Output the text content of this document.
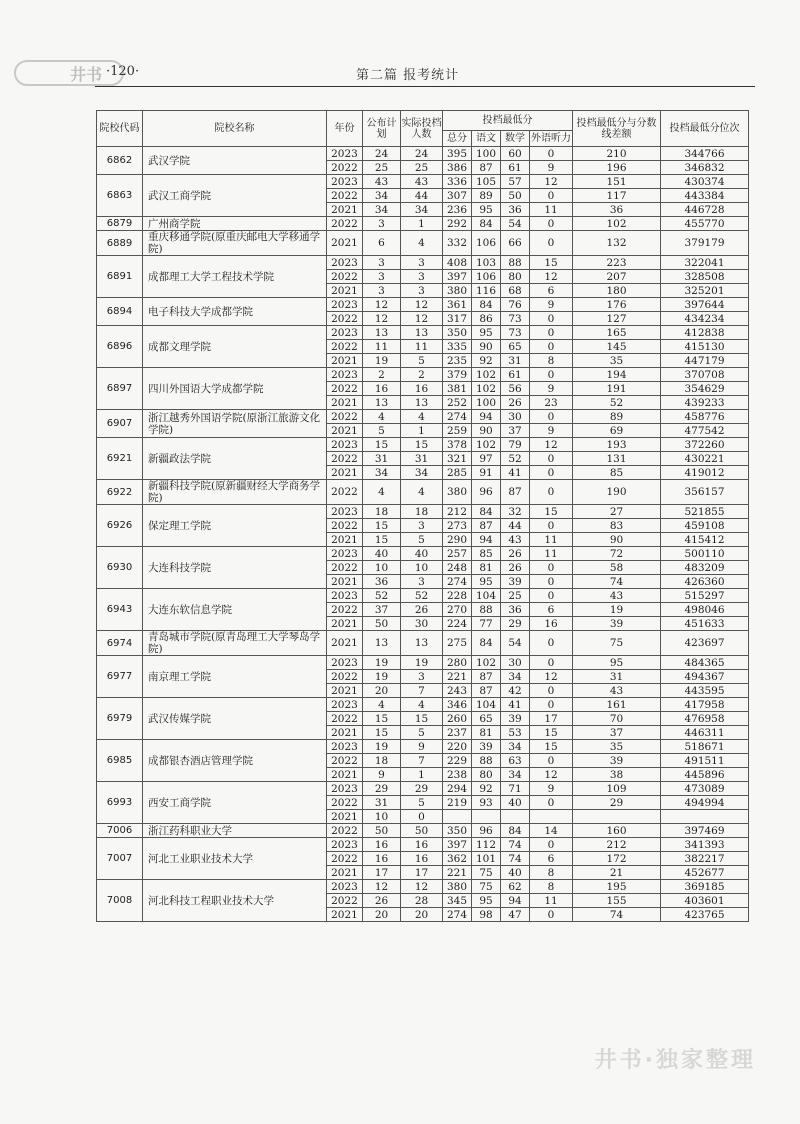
井书 ·120·	第二篇 报考统计
院校代码	院校名称	年份	公布计划	实际投档人数	投档最低分				投档最低分与分数线差额	投档最低分位次
					总分	语文	数学	外语听力		
6862	武汉学院	2023	24	24	395	100	60	0	210	344766
		2022	25	25	386	87	61	9	196	346832
6863	武汉工商学院	2023	43	43	336	105	57	12	151	430374
		2022	34	44	307	89	50	0	117	443384
		2021	34	34	236	95	36	11	36	446728
6879	广州商学院	2022	3	1	292	84	54	0	102	455770
6889	重庆移通学院(原重庆邮电大学移通学院)	2021	6	4	332	106	66	0	132	379179
6891	成都理工大学工程技术学院	2023	3	3	408	103	88	15	223	322041
		2022	3	3	397	106	80	12	207	328508
		2021	3	3	380	116	68	6	180	325201
6894	电子科技大学成都学院	2023	12	12	361	84	76	9	176	397644
		2022	12	12	317	86	73	0	127	434234
6896	成都文理学院	2023	13	13	350	95	73	0	165	412838
		2022	11	11	335	90	65	0	145	415130
		2021	19	5	235	92	31	8	35	447179
6897	四川外国语大学成都学院	2023	2	2	379	102	61	0	194	370708
		2022	16	16	381	102	56	9	191	354629
		2021	13	13	252	100	26	23	52	439233
6907	浙江越秀外国语学院(原浙江旅游文化学院)	2022	4	4	274	94	30	0	89	458776
		2021	5	1	259	90	37	9	69	477542
6921	新疆政法学院	2023	15	15	378	102	79	12	193	372260
		2022	31	31	321	97	52	0	131	430221
		2021	34	34	285	91	41	0	85	419012
6922	新疆科技学院(原新疆财经大学商务学院)	2022	4	4	380	96	87	0	190	356157
6926	保定理工学院	2023	18	18	212	84	32	15	27	521855
		2022	15	3	273	87	44	0	83	459108
		2021	15	5	290	94	43	11	90	415412
6930	大连科技学院	2023	40	40	257	85	26	11	72	500110
		2022	10	10	248	81	26	0	58	483209
		2021	36	3	274	95	39	0	74	426360
6943	大连东软信息学院	2023	52	52	228	104	25	0	43	515297
		2022	37	26	270	88	36	6	19	498046
		2021	50	30	224	77	29	16	39	451633
6974	青岛城市学院(原青岛理工大学琴岛学院)	2021	13	13	275	84	54	0	75	423697
6977	南京理工学院	2023	19	19	280	102	30	0	95	484365
		2022	19	3	221	87	34	12	31	494367
		2021	20	7	243	87	42	0	43	443595
6979	武汉传媒学院	2023	4	4	346	104	41	0	161	417958
		2022	15	15	260	65	39	17	70	476958
		2021	15	5	237	81	53	15	37	446311
6985	成都银杏酒店管理学院	2023	19	9	220	39	34	15	35	518671
		2022	18	7	229	88	63	0	39	491511
		2021	9	1	238	80	34	12	38	445896
6993	西安工商学院	2023	29	29	294	92	71	9	109	473089
		2022	31	5	219	93	40	0	29	494994
		2021	10	0						
7006	浙江药科职业大学	2022	50	50	350	96	84	14	160	397469
7007	河北工业职业技术大学	2023	16	16	397	112	74	0	212	341393
		2022	16	16	362	101	74	6	172	382217
		2021	17	17	221	75	40	8	21	452677
7008	河北科技工程职业技术大学	2023	12	12	380	75	62	8	195	369185
		2022	26	28	345	95	94	11	155	403601
		2021	20	20	274	98	47	0	74	423765
井书·独家整理
